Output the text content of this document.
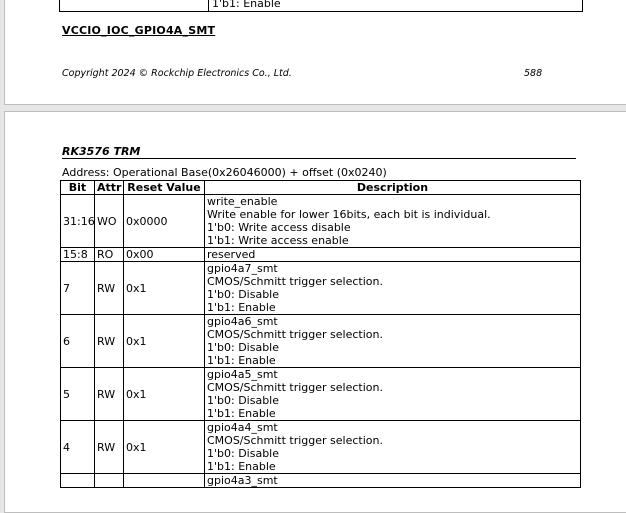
1'b1: Enable
VCCIO_IOC_GPIO4A_SMT
Copyright 2024 © Rockchip Electronics Co., Ltd.	588
RK3576 TRM
Address: Operational Base(0x26046000) + offset (0x0240)
Bit	Attr	Reset Value	Description
31:16	WO	0x0000	write_enable
Write enable for lower 16bits, each bit is individual.
1'b0: Write access disable
1'b1: Write access enable

15:8	RO	0x00	reserved

7	RW	0x1	gpio4a7_smt
CMOS/Schmitt trigger selection.
1'b0: Disable
1'b1: Enable

6	RW	0x1	gpio4a6_smt
CMOS/Schmitt trigger selection.
1'b0: Disable
1'b1: Enable

5	RW	0x1	gpio4a5_smt
CMOS/Schmitt trigger selection.
1'b0: Disable
1'b1: Enable

4	RW	0x1	gpio4a4_smt
CMOS/Schmitt trigger selection.
1'b0: Disable
1'b1: Enable

			gpio4a3_smt
